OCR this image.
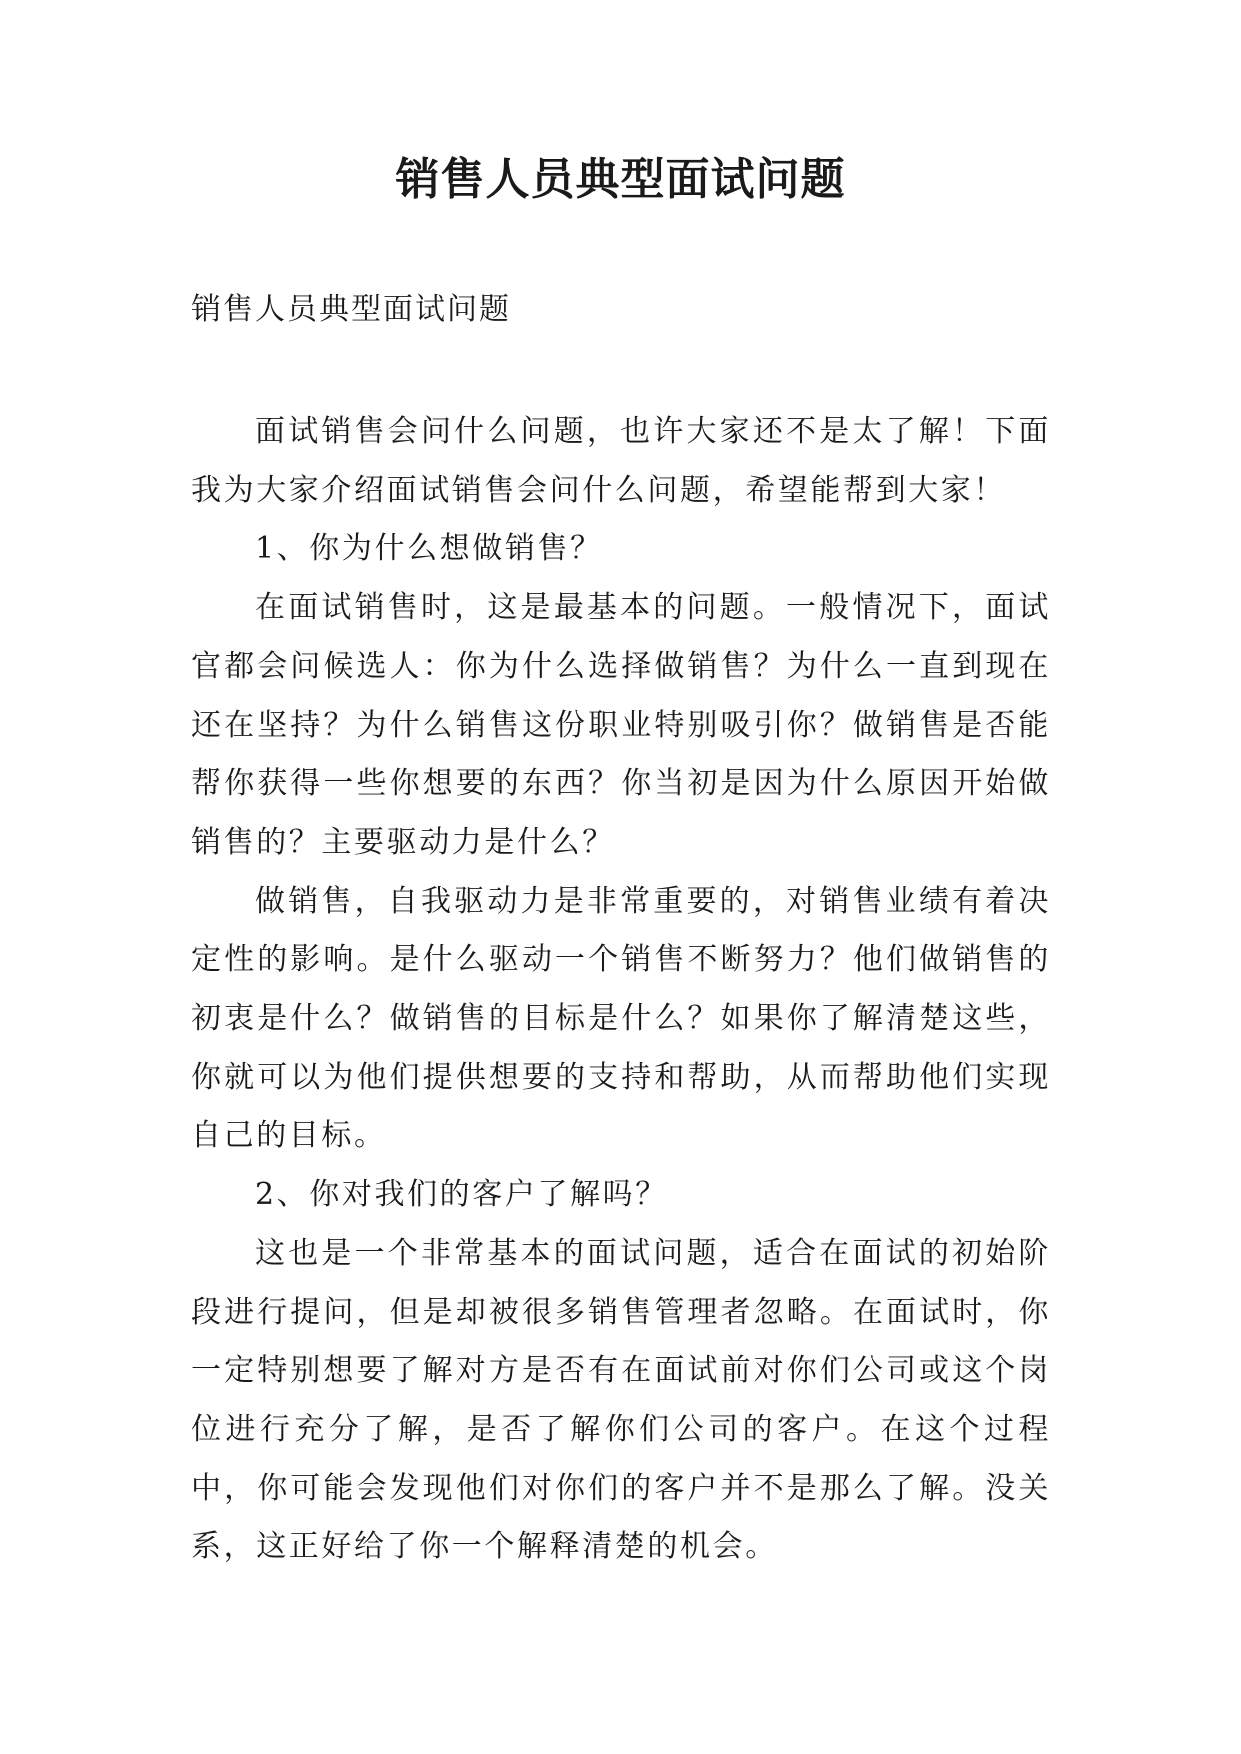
销售人员典型面试问题

销售人员典型面试问题

面试销售会问什么问题，也许大家还不是太了解！下面我为大家介绍面试销售会问什么问题，希望能帮到大家！

1、你为什么想做销售？

在面试销售时，这是最基本的问题。一般情况下，面试官都会问候选人：你为什么选择做销售？为什么一直到现在还在坚持？为什么销售这份职业特别吸引你？做销售是否能帮你获得一些你想要的东西？你当初是因为什么原因开始做销售的？主要驱动力是什么？

做销售，自我驱动力是非常重要的，对销售业绩有着决定性的影响。是什么驱动一个销售不断努力？他们做销售的初衷是什么？做销售的目标是什么？如果你了解清楚这些，你就可以为他们提供想要的支持和帮助，从而帮助他们实现自己的目标。

2、你对我们的客户了解吗？

这也是一个非常基本的面试问题，适合在面试的初始阶段进行提问，但是却被很多销售管理者忽略。在面试时，你一定特别想要了解对方是否有在面试前对你们公司或这个岗位进行充分了解，是否了解你们公司的客户。在这个过程中，你可能会发现他们对你们的客户并不是那么了解。没关系，这正好给了你一个解释清楚的机会。
